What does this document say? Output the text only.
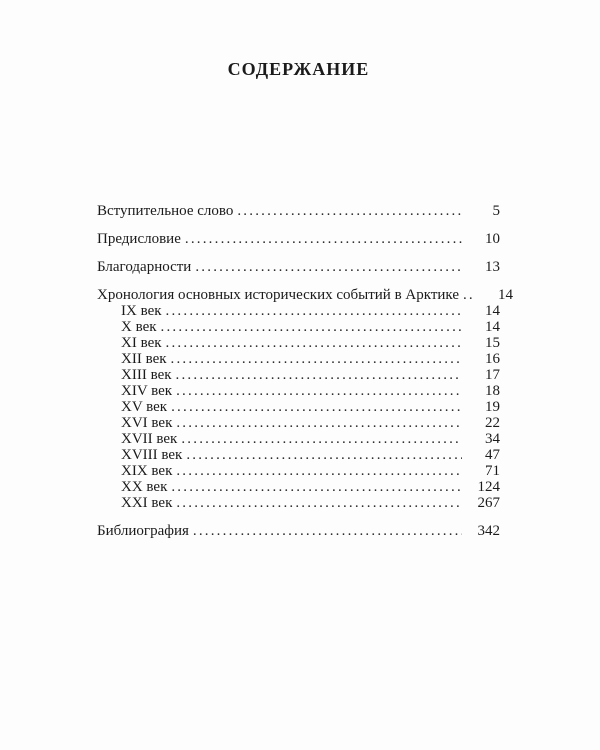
СОДЕРЖАНИЕ
Вступительное слово .....	5
Предисловие .....	10
Благодарности .....	13
Хронология основных исторических событий в Арктике .....	14
IX век .....	14
X век .....	14
XI век .....	15
XII век .....	16
XIII век .....	17
XIV век .....	18
XV век .....	19
XVI век .....	22
XVII век .....	34
XVIII век .....	47
XIX век .....	71
XX век .....	124
XXI век .....	267
Библиография .....	342
